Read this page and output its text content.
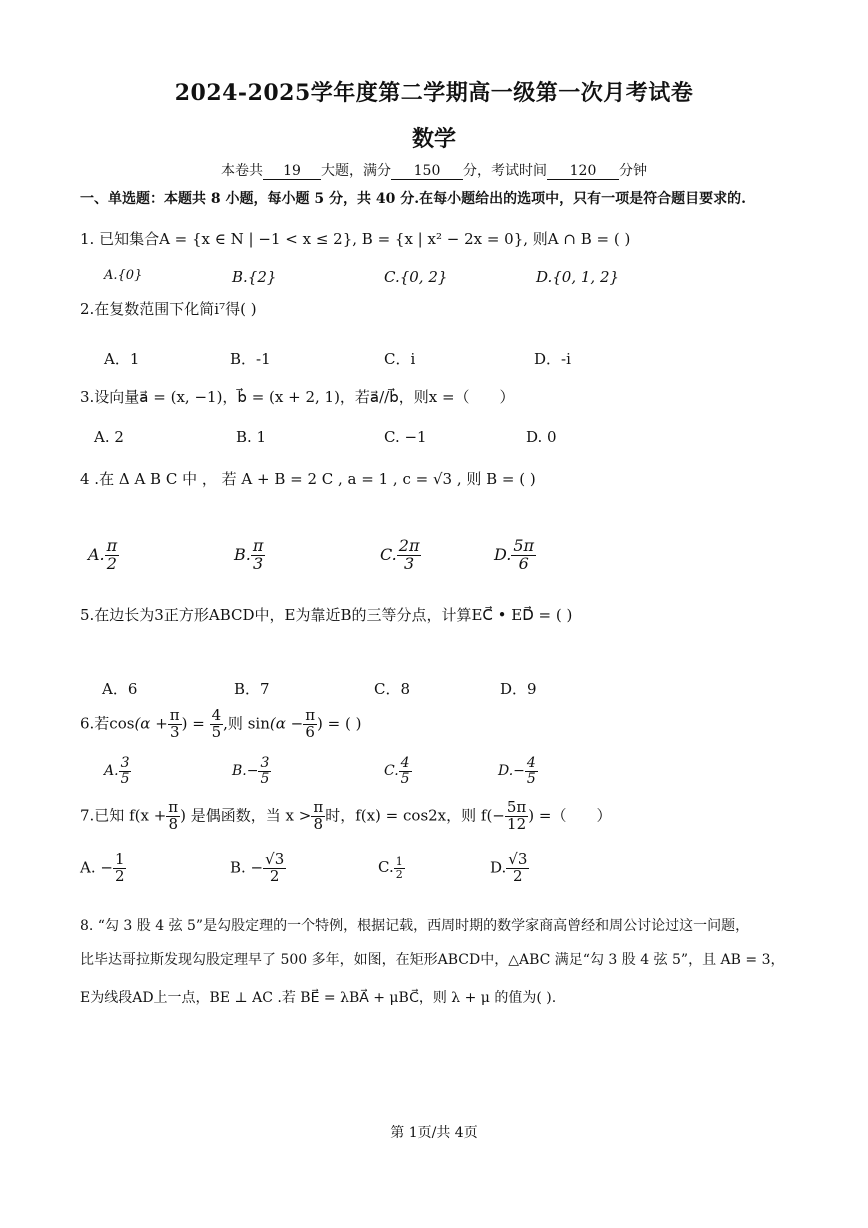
2024-2025学年度第二学期高一级第一次月考试卷
数学
本卷共 19 大题，满分 150 分，考试时间 120 分钟
一、单选题：本题共 8 小题，每小题 5 分，共 40 分.在每小题给出的选项中，只有一项是符合题目要求的.
1. 已知集合A = {x ∈ N | −1 < x ≤ 2}, B = {x | x² − 2x = 0}, 则A ∩ B = ( )
A.{0}	B.{2}	C.{0, 2}	D.{0, 1, 2}
2.在复数范围下化简i⁷得( )
A．1	B．-1	C．i	D．-i
3.设向量a⃗ = (x, −1)，b⃗ = (x + 2, 1)，若a⃗//b⃗，则x =（　　）
A. 2	B. 1	C. −1	D. 0
4 .在 Δ A B C 中 ， 若 A + B = 2 C , a = 1 , c = √3 , 则 B = ( )
A. $\frac{\pi}{2}$	B. $\frac{\pi}{3}$	C. $\frac{2\pi}{3}$	D. $\frac{5\pi}{6}$
5.在边长为3正方形ABCD中，E为靠近B的三等分点，计算EC⃗ • ED⃗ = ( )
A．6	B．7	C．8	D．9
6.若$\cos(\alpha + \frac{\pi}{3}$ ) = $\frac{4}{5}$ ,则 $\sin(\alpha - \frac{\pi}{6}$ ) = ( )
A. $\frac{3}{5}$	$B.- \frac{3}{5}$	C. $\frac{4}{5}$	$D.- \frac{4}{5}$
7.已知 $f(x + \frac{\pi}{8}$ ) 是偶函数，当 $x > \frac{\pi}{8}$ 时，f(x) = cos2x，则 $f(- \frac{5\pi}{12}$ ) =（　　）
A. − $\frac{1}{2}$	B. − $\frac{√3}{2}$	C. $\frac{1}{2}$	D. $\frac{√3}{2}$
8. “勾 3 股 4 弦 5”是勾股定理的一个特例，根据记载，西周时期的数学家商高曾经和周公讨论过这一问题，
比毕达哥拉斯发现勾股定理早了 500 多年，如图，在矩形ABCD中，△ABC 满足“勾 3 股 4 弦 5”，且 AB = 3，
E为线段AD上一点，BE ⊥ AC .若 BE⃗ = λBA⃗ + μBC⃗，则 λ + μ 的值为( ).
第 1页/共 4页
